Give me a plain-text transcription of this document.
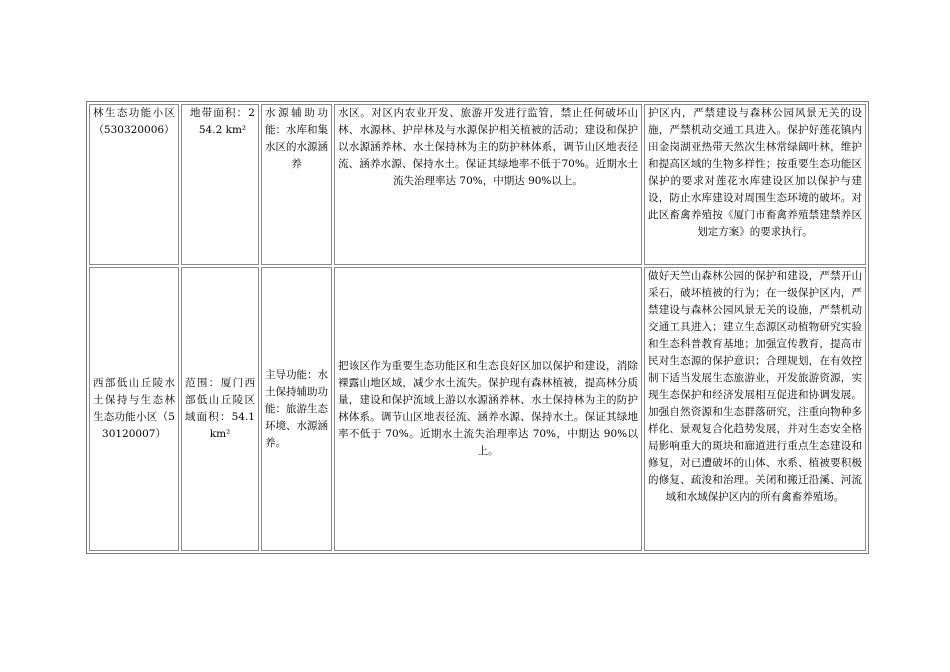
林生态功能小区（530320006）	地带面积：254.2 km²	水源辅助功能：水库和集水区的水源涵养	水区。对区内农业开发、旅游开发进行监管，禁止任何破坏山林、水源林、护岸林及与水源保护相关植被的活动；建设和保护以水源涵养林、水土保持林为主的防护林体系，调节山区地表径流、涵养水源、保持水土。保证其绿地率不低于70%。近期水土流失治理率达 70%，中期达 90%以上。	护区内，严禁建设与森林公园风景无关的设施，严禁机动交通工具进入。保护好莲花镇内田金岗湖亚热带天然次生林常绿阔叶林，维护和提高区域的生物多样性；按重要生态功能区保护的要求对莲花水库建设区加以保护与建设，防止水库建设对周围生态环境的破坏。对此区畜禽养殖按《厦门市畜禽养殖禁建禁养区划定方案》的要求执行。
西部低山丘陵水土保持与生态林生态功能小区（530120007）	范围：厦门西部低山丘陵区域面积：54.1km²	主导功能：水土保持辅助功能：旅游生态环境、水源涵养。	把该区作为重要生态功能区和生态良好区加以保护和建设，消除裸露山地区域，减少水土流失。保护现有森林植被，提高林分质量，建设和保护流域上游以水源涵养林、水土保持林为主的防护林体系。调节山区地表径流、涵养水源、保持水土。保证其绿地率不低于 70%。近期水土流失治理率达 70%，中期达 90%以上。	做好天竺山森林公园的保护和建设，严禁开山采石，破坏植被的行为；在一级保护区内，严禁建设与森林公园风景无关的设施，严禁机动交通工具进入；建立生态源区动植物研究实验和生态科普教育基地；加强宣传教育，提高市民对生态源的保护意识；合理规划，在有效控制下适当发展生态旅游业，开发旅游资源，实现生态保护和经济发展相互促进和协调发展。加强自然资源和生态群落研究，注重向物种多样化、景观复合化趋势发展，并对生态安全格局影响重大的斑块和廊道进行重点生态建设和修复，对已遭破坏的山体、水系、植被要积极的修复、疏浚和治理。关闭和搬迁沿溪、河流域和水域保护区内的所有禽畜养殖场。
